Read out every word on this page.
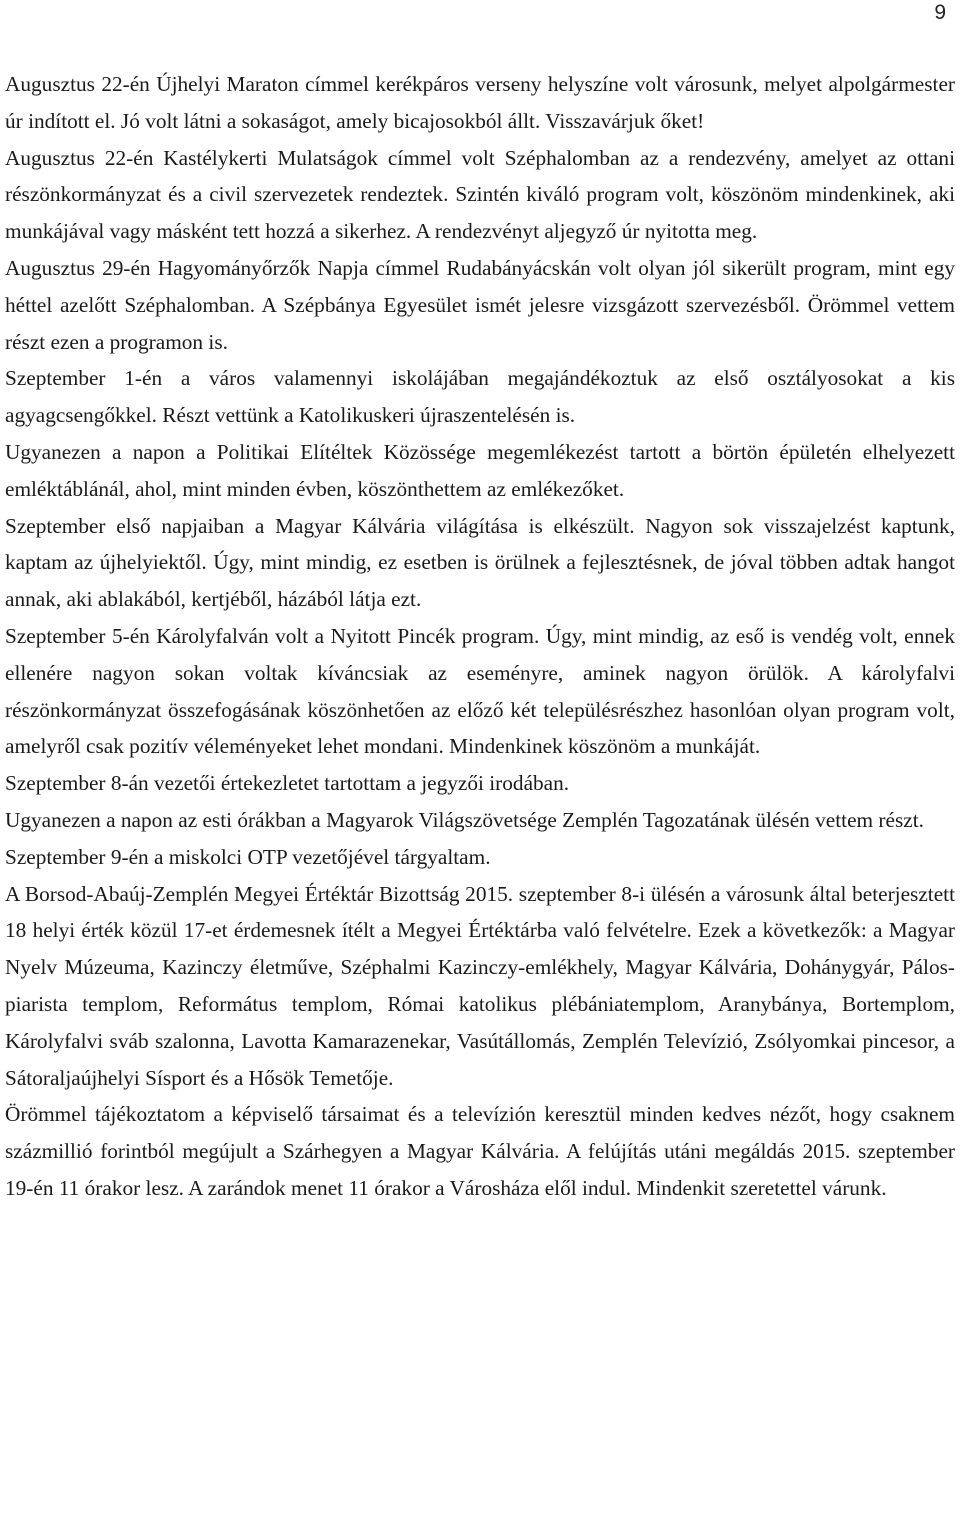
9

Augusztus 22-én Újhelyi Maraton címmel kerékpáros verseny helyszíne volt városunk, melyet alpolgármester úr indított el. Jó volt látni a sokaságot, amely bicajosokból állt. Visszavárjuk őket!

Augusztus 22-én Kastélykerti Mulatságok címmel volt Széphalomban az a rendezvény, amelyet az ottani részönkormányzat és a civil szervezetek rendeztek. Szintén kiváló program volt, köszönöm mindenkinek, aki munkájával vagy másként tett hozzá a sikerhez. A rendezvényt aljegyző úr nyitotta meg.

Augusztus 29-én Hagyományőrzők Napja címmel Rudabányácskán volt olyan jól sikerült program, mint egy héttel azelőtt Széphalomban. A Szépbánya Egyesület ismét jelesre vizsgázott szervezésből. Örömmel vettem részt ezen a programon is.

Szeptember 1-én a város valamennyi iskolájában megajándékoztuk az első osztályosokat a kis agyagcsengőkkel. Részt vettünk a Katolikuskeri újraszentelésén is.

Ugyanezen a napon a Politikai Elítéltek Közössége megemlékezést tartott a börtön épületén elhelyezett emléktáblánál, ahol, mint minden évben, köszönthettem az emlékezőket.

Szeptember első napjaiban a Magyar Kálvária világítása is elkészült. Nagyon sok visszajelzést kaptunk, kaptam az újhelyiektől. Úgy, mint mindig, ez esetben is örülnek a fejlesztésnek, de jóval többen adtak hangot annak, aki ablakából, kertjéből, házából látja ezt.

Szeptember 5-én Károlyfalván volt a Nyitott Pincék program. Úgy, mint mindig, az eső is vendég volt, ennek ellenére nagyon sokan voltak kíváncsiak az eseményre, aminek nagyon örülök. A károlyfalvi részönkormányzat összefogásának köszönhetően az előző két településrészhez hasonlóan olyan program volt, amelyről csak pozitív véleményeket lehet mondani. Mindenkinek köszönöm a munkáját.

Szeptember 8-án vezetői értekezletet tartottam a jegyzői irodában.

Ugyanezen a napon az esti órákban a Magyarok Világszövetsége Zemplén Tagozatának ülésén vettem részt.

Szeptember 9-én a miskolci OTP vezetőjével tárgyaltam.

A Borsod-Abaúj-Zemplén Megyei Értéktár Bizottság 2015. szeptember 8-i ülésén a városunk által beterjesztett 18 helyi érték közül 17-et érdemesnek ítélt a Megyei Értéktárba való felvételre. Ezek a következők: a Magyar Nyelv Múzeuma, Kazinczy életműve, Széphalmi Kazinczy-emlékhely, Magyar Kálvária, Dohánygyár, Pálos-piarista templom, Református templom, Római katolikus plébániatemplom, Aranybánya, Bortemplom, Károlyfalvi sváb szalonna, Lavotta Kamarazenekar, Vasútállomás, Zemplén Televízió, Zsólyomkai pincesor, a Sátoraljaújhelyi Sísport és a Hősök Temetője.

Örömmel tájékoztatom a képviselő társaimat és a televízión keresztül minden kedves nézőt, hogy csaknem százmillió forintból megújult a Szárhegyen a Magyar Kálvária. A felújítás utáni megáldás 2015. szeptember 19-én 11 órakor lesz. A zarándok menet 11 órakor a Városháza elől indul. Mindenkit szeretettel várunk.
